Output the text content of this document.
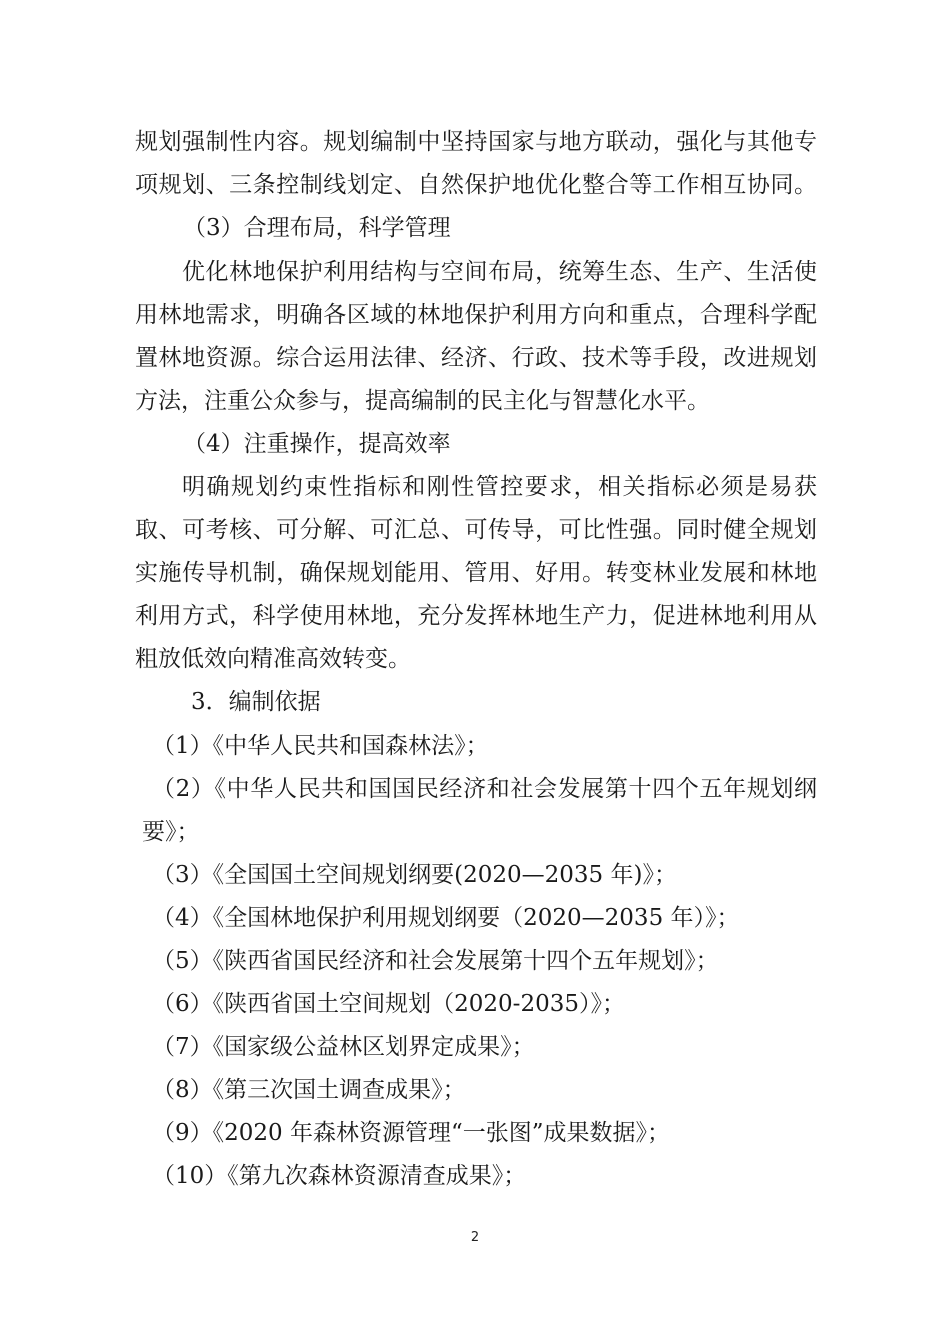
规划强制性内容。规划编制中坚持国家与地方联动，强化与其他专
项规划、三条控制线划定、自然保护地优化整合等工作相互协同。
（3）合理布局，科学管理
优化林地保护利用结构与空间布局，统筹生态、生产、生活使
用林地需求，明确各区域的林地保护利用方向和重点，合理科学配
置林地资源。综合运用法律、经济、行政、技术等手段，改进规划
方法，注重公众参与，提高编制的民主化与智慧化水平。
（4）注重操作，提高效率
明确规划约束性指标和刚性管控要求，相关指标必须是易获
取、可考核、可分解、可汇总、可传导，可比性强。同时健全规划
实施传导机制，确保规划能用、管用、好用。转变林业发展和林地
利用方式，科学使用林地，充分发挥林地生产力，促进林地利用从
粗放低效向精准高效转变。
3．编制依据
（1）《中华人民共和国森林法》；
（2）《中华人民共和国国民经济和社会发展第十四个五年规划纲
要》；
（3）《全国国土空间规划纲要(2020—2035 年)》；
（4）《全国林地保护利用规划纲要（2020—2035 年）》；
（5）《陕西省国民经济和社会发展第十四个五年规划》；
（6）《陕西省国土空间规划（2020-2035）》；
（7）《国家级公益林区划界定成果》；
（8）《第三次国土调查成果》；
（9）《2020 年森林资源管理“一张图”成果数据》；
（10）《第九次森林资源清查成果》；
2
